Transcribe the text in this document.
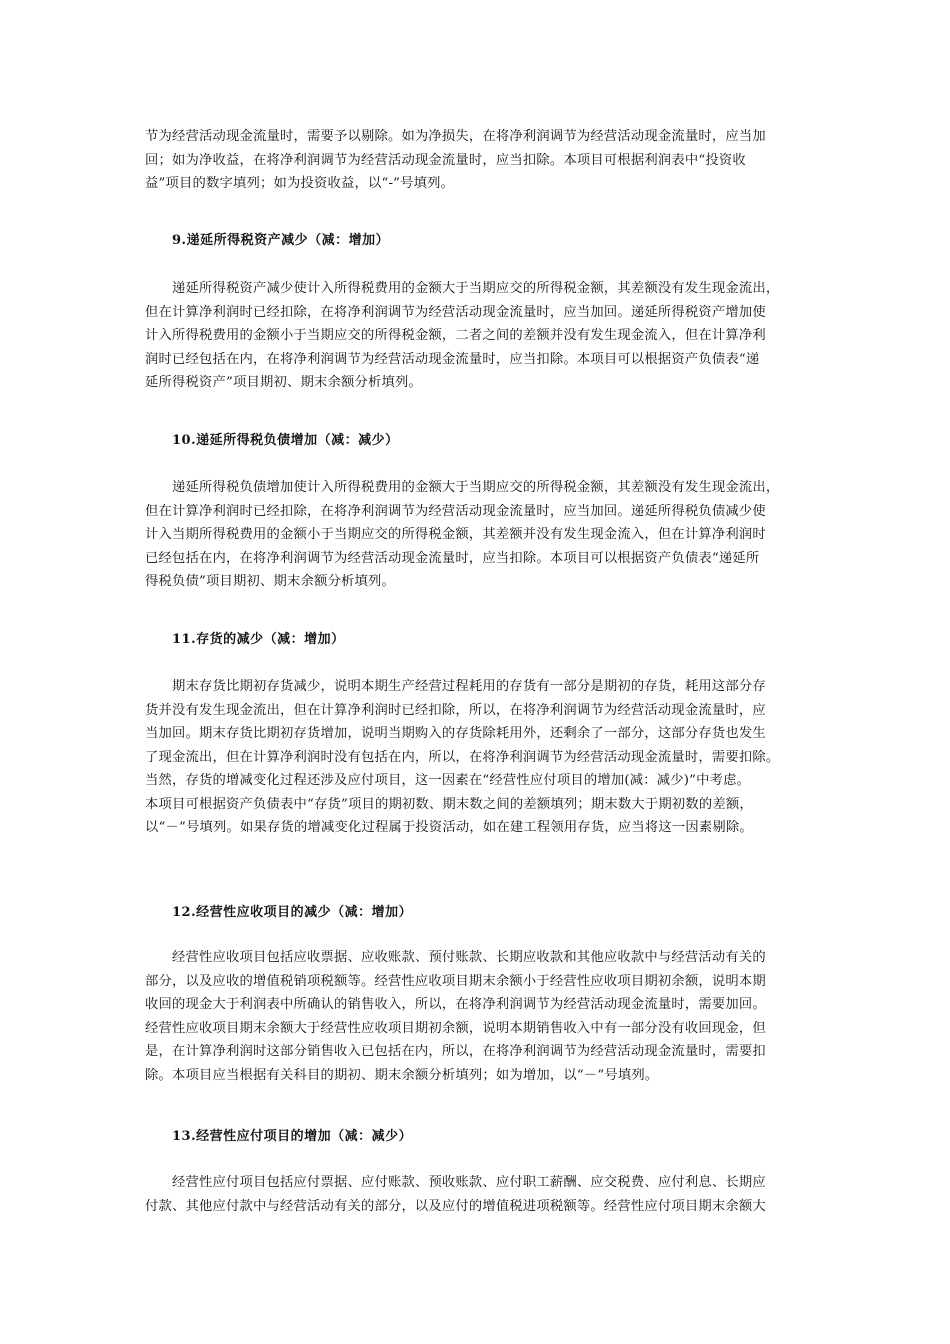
节为经营活动现金流量时，需要予以剔除。如为净损失，在将净利润调节为经营活动现金流量时，应当加
回；如为净收益，在将净利润调节为经营活动现金流量时，应当扣除。本项目可根据利润表中“投资收
益”项目的数字填列；如为投资收益，以“-”号填列。
9.递延所得税资产减少（减：增加）
递延所得税资产减少使计入所得税费用的金额大于当期应交的所得税金额，其差额没有发生现金流出，
但在计算净利润时已经扣除，在将净利润调节为经营活动现金流量时，应当加回。递延所得税资产增加使
计入所得税费用的金额小于当期应交的所得税金额，二者之间的差额并没有发生现金流入，但在计算净利
润时已经包括在内，在将净利润调节为经营活动现金流量时，应当扣除。本项目可以根据资产负债表“递
延所得税资产”项目期初、期末余额分析填列。
10.递延所得税负债增加（减：减少）
递延所得税负债增加使计入所得税费用的金额大于当期应交的所得税金额，其差额没有发生现金流出，
但在计算净利润时已经扣除，在将净利润调节为经营活动现金流量时，应当加回。递延所得税负债减少使
计入当期所得税费用的金额小于当期应交的所得税金额，其差额并没有发生现金流入，但在计算净利润时
已经包括在内，在将净利润调节为经营活动现金流量时，应当扣除。本项目可以根据资产负债表“递延所
得税负债”项目期初、期末余额分析填列。
11.存货的减少（减：增加）
期末存货比期初存货减少，说明本期生产经营过程耗用的存货有一部分是期初的存货，耗用这部分存
货并没有发生现金流出，但在计算净利润时已经扣除，所以，在将净利润调节为经营活动现金流量时，应
当加回。期末存货比期初存货增加，说明当期购入的存货除耗用外，还剩余了一部分，这部分存货也发生
了现金流出，但在计算净利润时没有包括在内，所以，在将净利润调节为经营活动现金流量时，需要扣除。
当然，存货的增减变化过程还涉及应付项目，这一因素在“经营性应付项目的增加(减：减少)”中考虑。
本项目可根据资产负债表中“存货”项目的期初数、期末数之间的差额填列；期末数大于期初数的差额，
以“－”号填列。如果存货的增减变化过程属于投资活动，如在建工程领用存货，应当将这一因素剔除。
12.经营性应收项目的减少（减：增加）
经营性应收项目包括应收票据、应收账款、预付账款、长期应收款和其他应收款中与经营活动有关的
部分，以及应收的增值税销项税额等。经营性应收项目期末余额小于经营性应收项目期初余额，说明本期
收回的现金大于利润表中所确认的销售收入，所以，在将净利润调节为经营活动现金流量时，需要加回。
经营性应收项目期末余额大于经营性应收项目期初余额，说明本期销售收入中有一部分没有收回现金，但
是，在计算净利润时这部分销售收入已包括在内，所以，在将净利润调节为经营活动现金流量时，需要扣
除。本项目应当根据有关科目的期初、期末余额分析填列；如为增加，以“－”号填列。
13.经营性应付项目的增加（减：减少）
经营性应付项目包括应付票据、应付账款、预收账款、应付职工薪酬、应交税费、应付利息、长期应
付款、其他应付款中与经营活动有关的部分，以及应付的增值税进项税额等。经营性应付项目期末余额大
